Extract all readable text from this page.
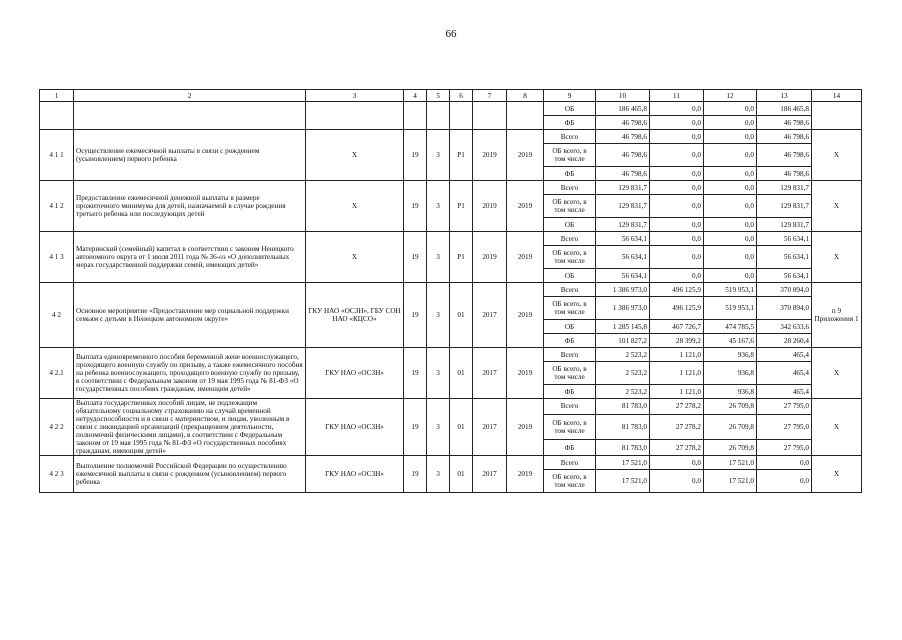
66
1	2	3	4	5	6	7	8	9	10	11	12	13	14
								ОБ	186 465,8	0,0	0,0	186 465,8	
								ФБ	46 798,6	0,0	0,0	46 798,6	
4 1 1	Осуществление ежемесячной выплаты в связи с рождением (усыновлением) первого ребенка	Х	19	3	P1	2019	2019	Всего	46 798,6	0,0	0,0	46 798,6	Х
								ОБ всего, в том числе	46 798,6	0,0	0,0	46 798,6	
								ФБ	46 798,6	0,0	0,0	46 798,6	
4 1 2	Предоставление ежемесячной денежной выплаты в размере прожиточного минимума для детей, назначаемой в случае рождения третьего ребенка или последующих детей	Х	19	3	P1	2019	2019	Всего	129 831,7	0,0	0,0	129 831,7	Х
								ОБ всего, в том числе	129 831,7	0,0	0,0	129 831,7	
								ОБ	129 831,7	0,0	0,0	129 831,7	
4 1 3	Материнский (семейный) капитал в соответствии с законом Ненецкого автономного округа от 1 июля 2011 года № 36-оз «О дополнительных мерах государственной поддержки семей, имеющих детей»	Х	19	3	P1	2019	2019	Всего	56 634,1	0,0	0,0	56 634,1	Х
								ОБ всего, в том числе	56 634,1	0,0	0,0	56 634,1	
								ОБ	56 634,1	0,0	0,0	56 634,1	
4 2	Основное мероприятие «Предоставление мер социальной поддержки семьям с детьми в Ненецком автономном округе»	ГКУ НАО «ОСЗН», ГБУ СОН НАО «КЦСО»	19	3	01	2017	2019	Всего	1 386 973,0	496 125,9	519 953,1	370 894,0	п 9 Приложения 1
								ОБ всего, в том числе	1 386 973,0	496 125,9	519 953,1	370 894,0	
								ОБ	1 285 145,8	467 726,7	474 785,5	342 633,6	
								ФБ	101 827,2	28 399,2	45 167,6	28 260,4	
4 2.1	Выплата единовременного пособия беременной жене военнослужащего, проходящего военную службу по призыву, а также ежемесячного пособия на ребенка военнослужащего, проходящего военную службу по призыву, в соответствии с Федеральным законом от 19 мая 1995 года № 81-ФЗ «О государственных пособиях гражданам, имеющим детей»	ГКУ НАО «ОСЗН»	19	3	01	2017	2019	Всего	2 523,2	1 121,0	936,8	465,4	Х
								ОБ всего, в том числе	2 523,2	1 121,0	936,8	465,4	
								ФБ	2 523,2	1 121,0	936,8	465,4	
4 2 2	Выплата государственных пособий лицам, не подлежащим обязательному социальному страхованию на случай временной нетрудоспособности и в связи с материнством, и лицам, уволенным в связи с ликвидацией организаций (прекращением деятельности, полномочий физическими лицами), в соответствии с Федеральным законом от 19 мая 1995 года № 81-ФЗ «О государственных пособиях гражданам, имеющим детей»	ГКУ НАО «ОСЗН»	19	3	01	2017	2019	Всего	81 783,0	27 278,2	26 709,8	27 795,0	Х
								ОБ всего, в том числе	81 783,0	27 278,2	26 709,8	27 795,0	
								ФБ	81 783,0	27 278,2	26 709,8	27 795,0	
4 2 3	Выполнение полномочий Российской Федерации по осуществлению ежемесячной выплаты в связи с рождением (усыновлением) первого ребенка	ГКУ НАО «ОСЗН»	19	3	01	2017	2019	Всего	17 521,0	0,0	17 521,0	0,0	Х
								ОБ всего, в том числе	17 521,0	0,0	17 521,0	0,0	
